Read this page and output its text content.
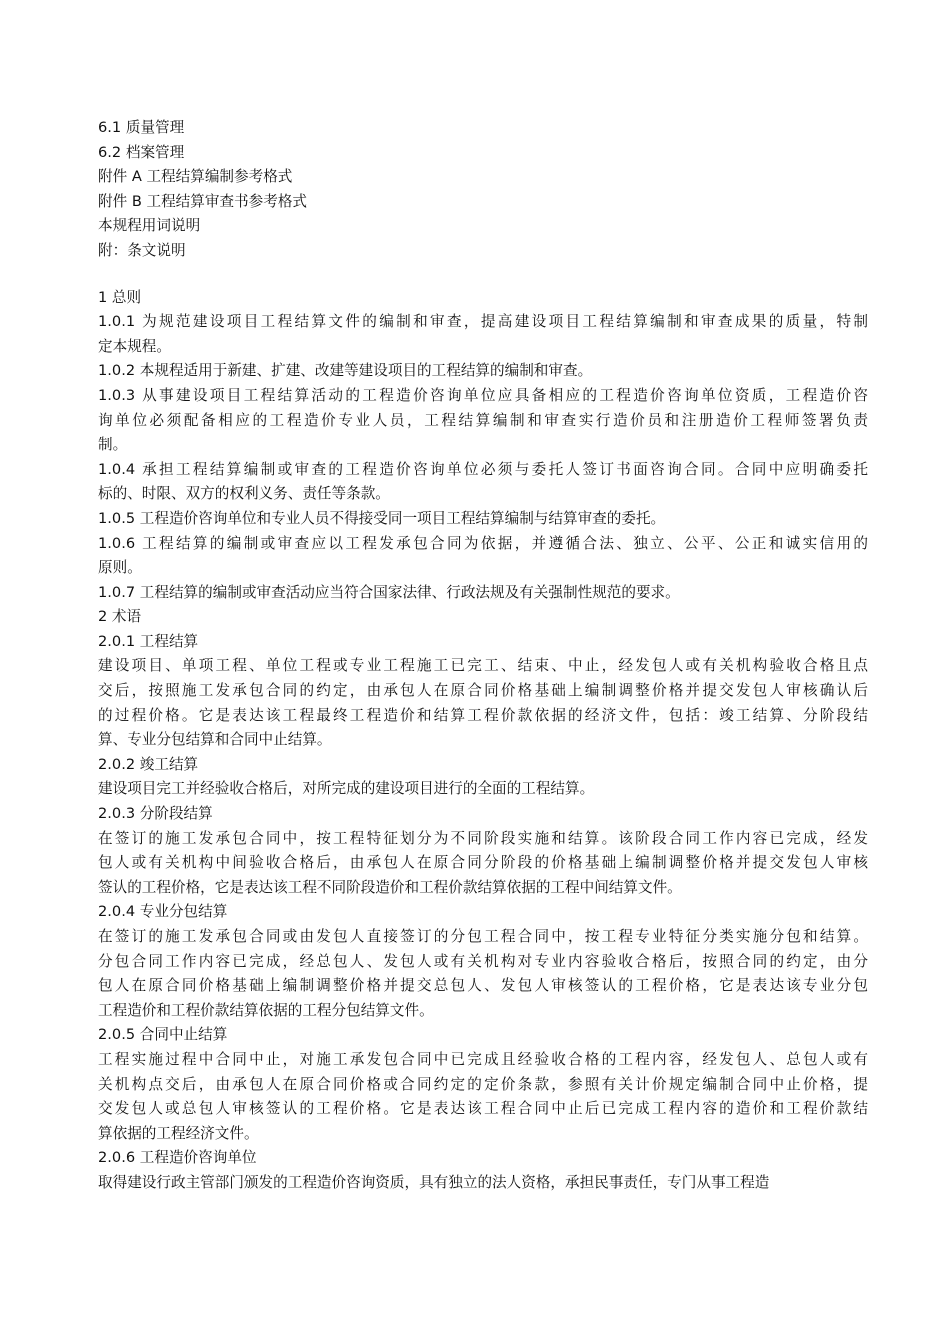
6.1 质量管理
6.2 档案管理
附件 A 工程结算编制参考格式
附件 B 工程结算审查书参考格式
本规程用词说明
附：条文说明
1 总则
1.0.1 为规范建设项目工程结算文件的编制和审查，提高建设项目工程结算编制和审查成果的质量，特制
定本规程。
1.0.2 本规程适用于新建、扩建、改建等建设项目的工程结算的编制和审查。
1.0.3 从事建设项目工程结算活动的工程造价咨询单位应具备相应的工程造价咨询单位资质，工程造价咨
询单位必须配备相应的工程造价专业人员，工程结算编制和审查实行造价员和注册造价工程师签署负责
制。
1.0.4 承担工程结算编制或审查的工程造价咨询单位必须与委托人签订书面咨询合同。合同中应明确委托
标的、时限、双方的权利义务、责任等条款。
1.0.5 工程造价咨询单位和专业人员不得接受同一项目工程结算编制与结算审查的委托。
1.0.6 工程结算的编制或审查应以工程发承包合同为依据，并遵循合法、独立、公平、公正和诚实信用的
原则。
1.0.7 工程结算的编制或审查活动应当符合国家法律、行政法规及有关强制性规范的要求。
2 术语
2.0.1 工程结算
建设项目、单项工程、单位工程或专业工程施工已完工、结束、中止，经发包人或有关机构验收合格且点
交后，按照施工发承包合同的约定，由承包人在原合同价格基础上编制调整价格并提交发包人审核确认后
的过程价格。它是表达该工程最终工程造价和结算工程价款依据的经济文件，包括：竣工结算、分阶段结
算、专业分包结算和合同中止结算。
2.0.2 竣工结算
建设项目完工并经验收合格后，对所完成的建设项目进行的全面的工程结算。
2.0.3 分阶段结算
在签订的施工发承包合同中，按工程特征划分为不同阶段实施和结算。该阶段合同工作内容已完成，经发
包人或有关机构中间验收合格后，由承包人在原合同分阶段的价格基础上编制调整价格并提交发包人审核
签认的工程价格，它是表达该工程不同阶段造价和工程价款结算依据的工程中间结算文件。
2.0.4 专业分包结算
在签订的施工发承包合同或由发包人直接签订的分包工程合同中，按工程专业特征分类实施分包和结算。
分包合同工作内容已完成，经总包人、发包人或有关机构对专业内容验收合格后，按照合同的约定，由分
包人在原合同价格基础上编制调整价格并提交总包人、发包人审核签认的工程价格，它是表达该专业分包
工程造价和工程价款结算依据的工程分包结算文件。
2.0.5 合同中止结算
工程实施过程中合同中止，对施工承发包合同中已完成且经验收合格的工程内容，经发包人、总包人或有
关机构点交后，由承包人在原合同价格或合同约定的定价条款，参照有关计价规定编制合同中止价格，提
交发包人或总包人审核签认的工程价格。它是表达该工程合同中止后已完成工程内容的造价和工程价款结
算依据的工程经济文件。
2.0.6 工程造价咨询单位
取得建设行政主管部门颁发的工程造价咨询资质，具有独立的法人资格，承担民事责任，专门从事工程造
